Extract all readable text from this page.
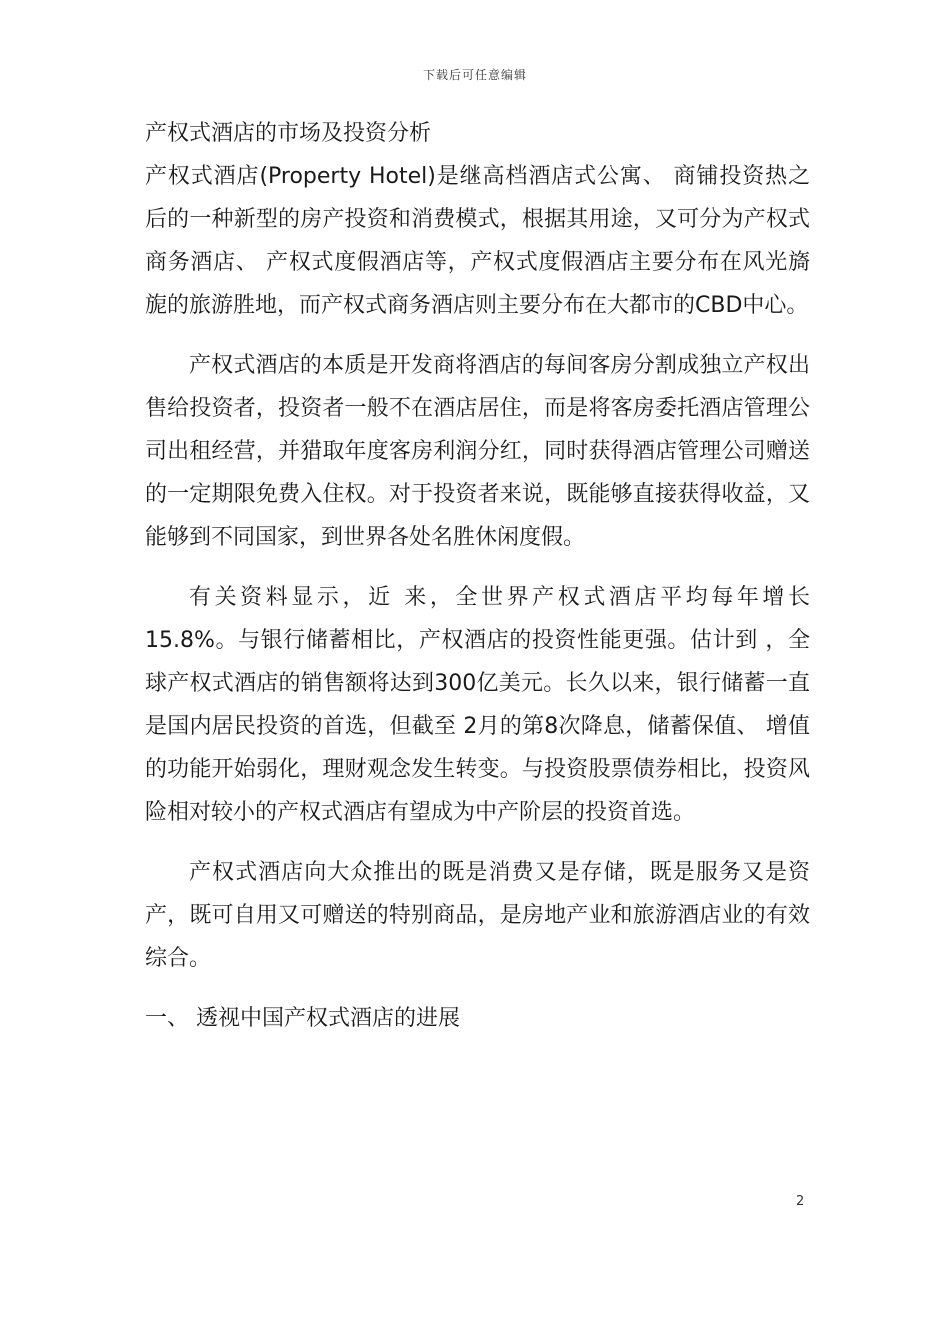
下载后可任意编辑
产权式酒店的市场及投资分析

产权式酒店(Property Hotel)是继高档酒店式公寓、 商铺投资热之后的一种新型的房产投资和消费模式，根据其用途，又可分为产权式商务酒店、 产权式度假酒店等，产权式度假酒店主要分布在风光旖旎的旅游胜地，而产权式商务酒店则主要分布在大都市的CBD中心。

产权式酒店的本质是开发商将酒店的每间客房分割成独立产权出售给投资者，投资者一般不在酒店居住，而是将客房委托酒店管理公司出租经营，并猎取年度客房利润分红，同时获得酒店管理公司赠送的一定期限免费入住权。对于投资者来说，既能够直接获得收益，又能够到不同国家，到世界各处名胜休闲度假。

有关资料显示，近 来，全世界产权式酒店平均每年增长15.8%。与银行储蓄相比，产权酒店的投资性能更强。估计到 ，全球产权式酒店的销售额将达到300亿美元。长久以来，银行储蓄一直是国内居民投资的首选，但截至 2月的第8次降息，储蓄保值、 增值的功能开始弱化，理财观念发生转变。与投资股票债券相比，投资风险相对较小的产权式酒店有望成为中产阶层的投资首选。

产权式酒店向大众推出的既是消费又是存储，既是服务又是资产，既可自用又可赠送的特别商品，是房地产业和旅游酒店业的有效综合。

一、 透视中国产权式酒店的进展
2
